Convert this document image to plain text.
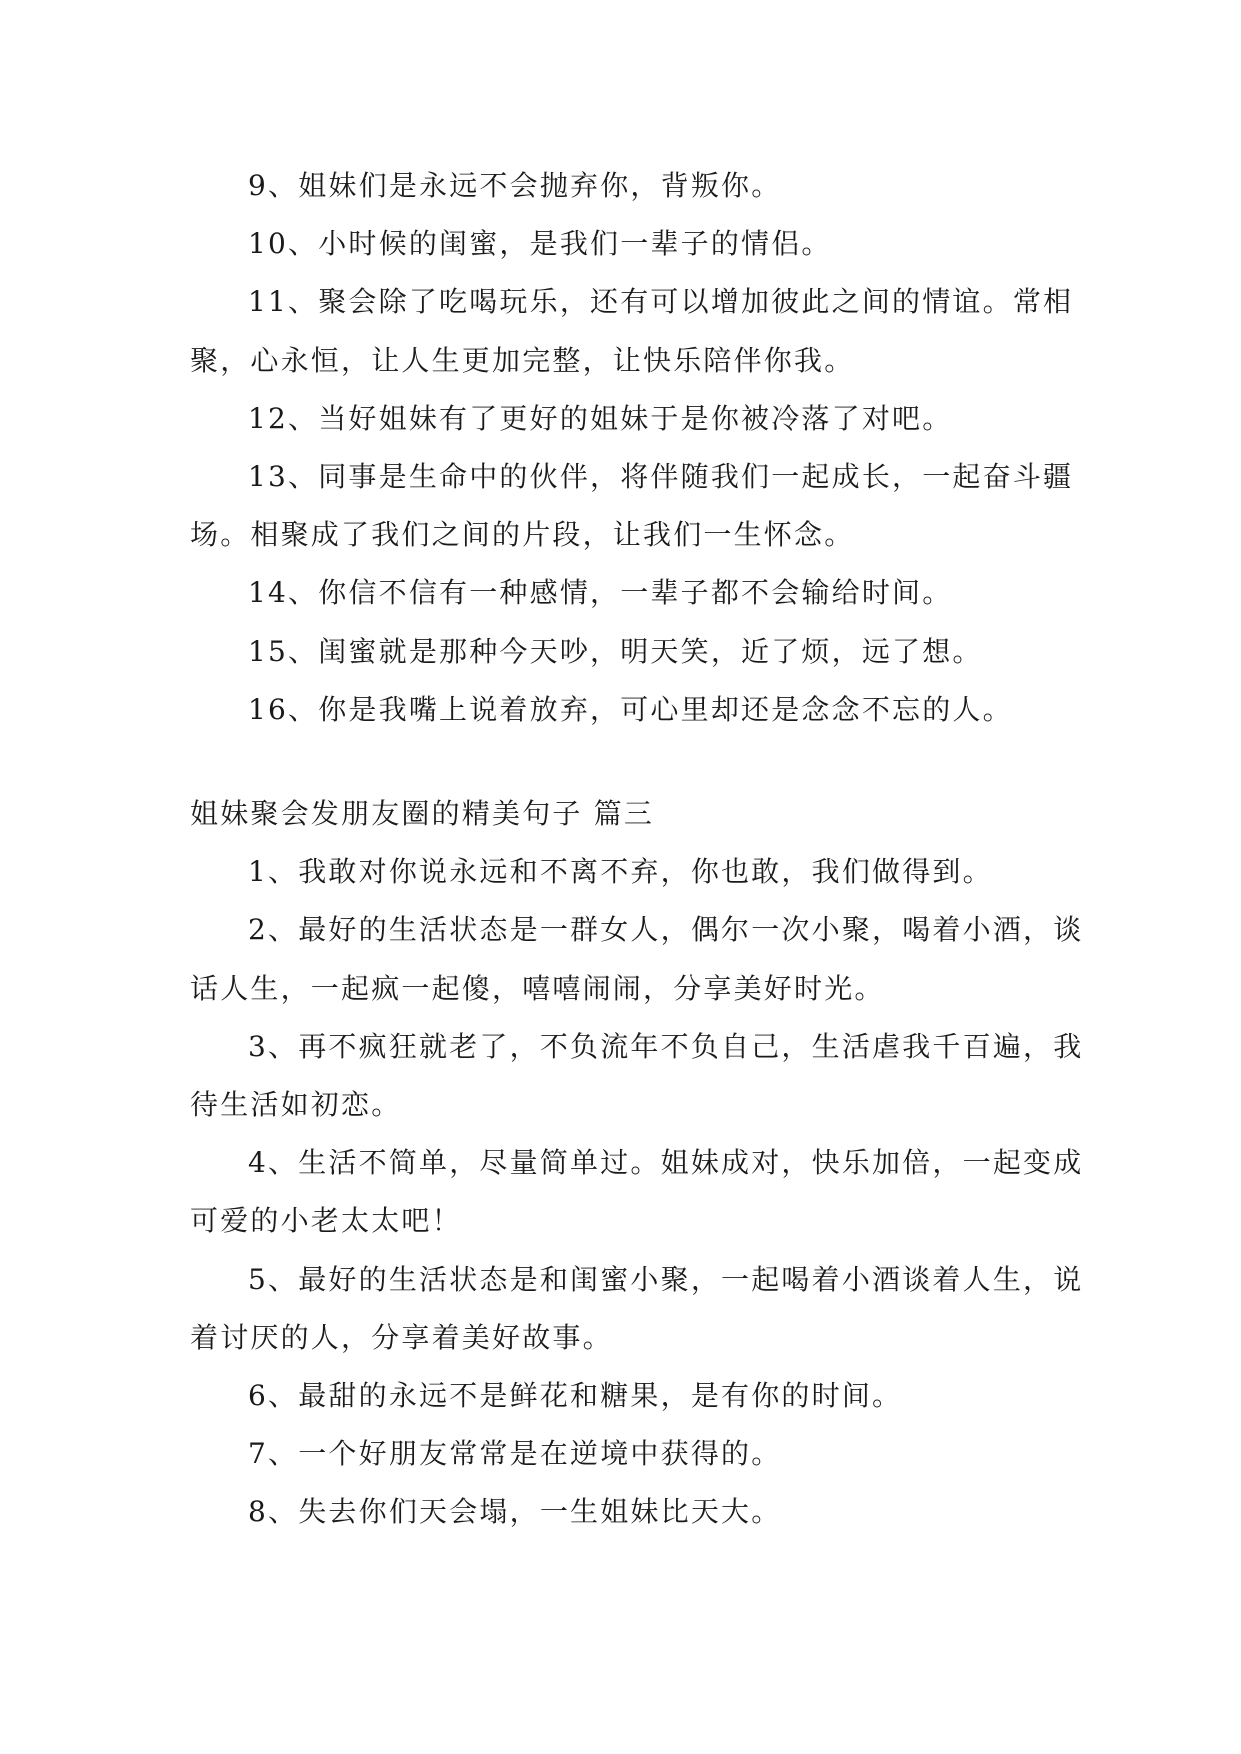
9、姐妹们是永远不会抛弃你，背叛你。

10、小时候的闺蜜，是我们一辈子的情侣。

11、聚会除了吃喝玩乐，还有可以增加彼此之间的情谊。常相聚，心永恒，让人生更加完整，让快乐陪伴你我。

12、当好姐妹有了更好的姐妹于是你被冷落了对吧。

13、同事是生命中的伙伴，将伴随我们一起成长，一起奋斗疆场。相聚成了我们之间的片段，让我们一生怀念。

14、你信不信有一种感情，一辈子都不会输给时间。

15、闺蜜就是那种今天吵，明天笑，近了烦，远了想。

16、你是我嘴上说着放弃，可心里却还是念念不忘的人。

姐妹聚会发朋友圈的精美句子 篇三

1、我敢对你说永远和不离不弃，你也敢，我们做得到。

2、最好的生活状态是一群女人，偶尔一次小聚，喝着小酒，谈话人生，一起疯一起傻，嘻嘻闹闹，分享美好时光。

3、再不疯狂就老了，不负流年不负自己，生活虐我千百遍，我待生活如初恋。

4、生活不简单，尽量简单过。姐妹成对，快乐加倍，一起变成可爱的小老太太吧！

5、最好的生活状态是和闺蜜小聚，一起喝着小酒谈着人生，说着讨厌的人，分享着美好故事。

6、最甜的永远不是鲜花和糖果，是有你的时间。

7、一个好朋友常常是在逆境中获得的。

8、失去你们天会塌，一生姐妹比天大。
